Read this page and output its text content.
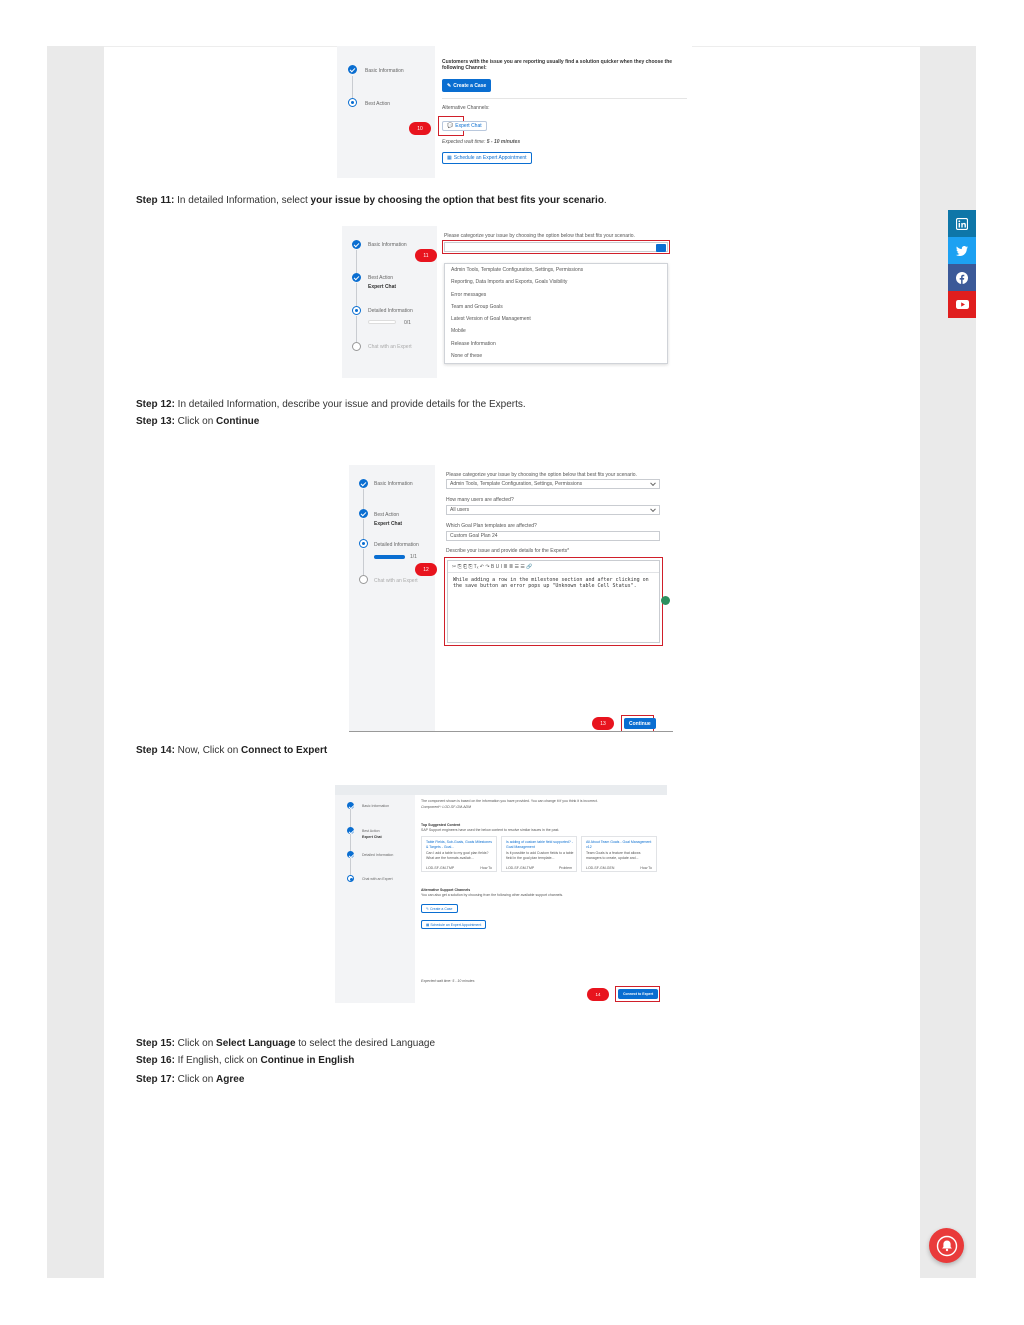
Basic Information
Best Action
Customers with the issue you are reporting usually find a solution quicker when they choose the following Channel:
✎ Create a Case
Alternative Channels:
💬 Expert Chat
10
Expected wait time: 5 - 10 minutes
▦ Schedule an Expert Appointment
Step 11: In detailed Information, select your issue by choosing the option that best fits your scenario.
Basic Information
Best Action
Expert Chat
Detailed Information
0/1
Chat with an Expert
11
Please categorize your issue by choosing the option below that best fits your scenario.
Admin Tools, Template Configuration, Settings, Permissions
Reporting, Data Imports and Exports, Goals Visibility
Error messages
Team and Group Goals
Latest Version of Goal Management
Mobile
Release Information
None of these
Step 12: In detailed Information, describe your issue and provide details for the Experts.
Step 13: Click on Continue
Basic Information
Best Action
Expert Chat
Detailed Information
1/1
Chat with an Expert
12
Please categorize your issue by choosing the option below that best fits your scenario.
Admin Tools, Template Configuration, Settings, Permissions
How many users are affected?
All users
Which Goal Plan templates are affected?
Custom Goal Plan 24
Describe your issue and provide details for the Experts*
✂ ⎘ ⎗ ⎘ Tₓ ↶ ↷ B U I ≣ ≣ ☰ ☰ 🔗
While adding a row in the milestone section and after clicking on the save button an error pops up "Unknown table Cell Status".
13	Continue
Step 14: Now, Click on Connect to Expert
Basic Information
Best Action
Expert Chat
Detailed Information
Chat with an Expert
The component shown is based on the information you have provided. You can change it if you think it is incorrect.
Component*: LOD-SF-GM-ADM
Top Suggested Content
SAP Support engineers have used the below content to resolve similar issues in the past.
Table Fields, Sub-Goals, Goals Milestones & Targets - Goal...
Can I add a table to my goal plan fields? What are the formats availab...
LOD-SF-GM-TMP	How To
Is adding of custom table field supported? - Goal Management
Is it possible to add Custom fields to a table field in the goal plan template...
LOD-SF-GM-TMP	Problem
All About Team Goals - Goal Management v12
Team Goals is a feature that allows managers to create, update and...
LOD-SF-GM-GEN	How To
Alternative Support Channels
You can also get a solution by choosing from the following other available support channels.
✎ Create a Case
▦ Schedule an Expert Appointment
Expected wait time: 5 - 10 minutes
14	Connect to Expert
Step 15: Click on Select Language to select the desired Language
Step 16: If English, click on Continue in English
Step 17: Click on Agree
